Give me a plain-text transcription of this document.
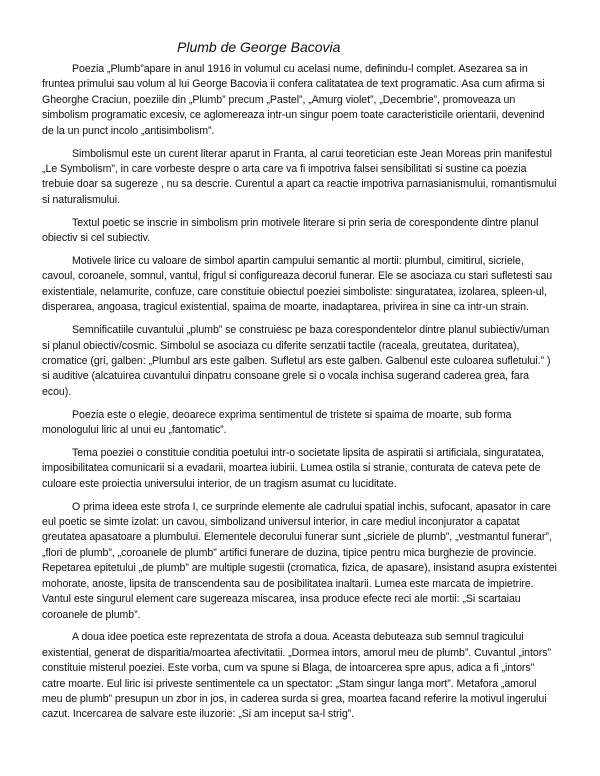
Plumb de George Bacovia

Poezia „Plumb”apare in anul 1916 in volumul cu acelasi nume, definindu-l complet. Asezarea sa in fruntea primului sau volum al lui George Bacovia ii confera calitatatea de text programatic. Asa cum afirma si Gheorghe Craciun, poeziile din „Plumb” precum „Pastel”, „Amurg violet”, „Decembrie”, promoveaza un simbolism programatic excesiv, ce aglomereaza intr-un singur poem toate caracteristicile orientarii, devenind de la un punct incolo „antisimbolism”.

Simbolismul este un curent literar aparut in Franta, al carui teoretician este Jean Moreas prin manifestul „Le Symbolism”, in care vorbeste despre o arta care va fi impotriva falsei sensibilitati si sustine ca poezia trebuie doar sa sugereze , nu sa descrie. Curentul a apart ca reactie impotriva parnasianismului, romantismului si naturalismului.

Textul poetic se inscrie in simbolism prin motivele literare si prin seria de corespondente dintre planul obiectiv si cel subiectiv.

Motivele lirice cu valoare de simbol apartin campului semantic al mortii: plumbul, cimitirul, sicriele, cavoul, coroanele, somnul, vantul, frigul si configureaza decorul funerar. Ele se asociaza cu stari sufletesti sau existentiale, nelamurite, confuze, care constituie obiectul poeziei simboliste: singuratatea, izolarea, spleen-ul, disperarea, angoasa, tragicul existential, spaima de moarte, inadaptarea, privirea in sine ca intr-un strain.

Semnificatiile cuvantului „plumb” se construiesc pe baza corespondentelor dintre planul subiectiv/uman si planul obiectiv/cosmic. Simbolul se asociaza cu diferite senzatii tactile (raceala, greutatea, duritatea), cromatice (gri, galben: „Plumbul ars este galben. Sufletul ars este galben. Galbenul este culoarea sufletului.” ) si auditive (alcatuirea cuvantului dinpatru consoane grele si o vocala inchisa sugerand caderea grea, fara ecou).

Poezia este o elegie, deoarece exprima sentimentul de tristete si spaima de moarte, sub forma monologului liric al unui eu „fantomatic”.

Tema poeziei o constituie conditia poetului intr-o societate lipsita de aspiratii si artificiala, singuratatea, imposibilitatea comunicarii si a evadarii, moartea iubirii. Lumea ostila si stranie, conturata de cateva pete de culoare este proiectia universului interior, de un tragism asumat cu luciditate.

O prima ideea este strofa I, ce surprinde elemente ale cadrului spatial inchis, sufocant, apasator in care eul poetic se simte izolat: un cavou, simbolizand universul interior, in care mediul inconjurator a capatat greutatea apasatoare a plumbului. Elementele decorului funerar sunt „sicriele de plumb”, „vestmantul funerar”, „flori de plumb”, „coroanele de plumb” artifici funerare de duzina, tipice pentru mica burghezie de provincie. Repetarea epitetului „de plumb” are multiple sugestii (cromatica, fizica, de apasare), insistand asupra existentei mohorate, anoste, lipsita de transcendenta sau de posibilitatea inaltarii. Lumea este marcata de impietrire. Vantul este singurul element care sugereaza miscarea, insa produce efecte reci ale mortii: „Si scartaiau coroanele de plumb”.

A doua idee poetica este reprezentata de strofa a doua. Aceasta debuteaza sub semnul tragicului existential, generat de disparitia/moartea afectivitatii. „Dormea intors, amorul meu de plumb”. Cuvantul „intors” constituie misterul poeziei. Este vorba, cum va spune si Blaga, de intoarcerea spre apus, adica a fi „intors” catre moarte. Eul liric isi priveste sentimentele ca un spectator: „Stam singur langa mort”. Metafora „amorul meu de plumb” presupun un zbor in jos, in caderea surda si grea, moartea facand referire la motivul ingerului cazut. Incercarea de salvare este iluzorie: „Si am inceput sa-l strig”.
